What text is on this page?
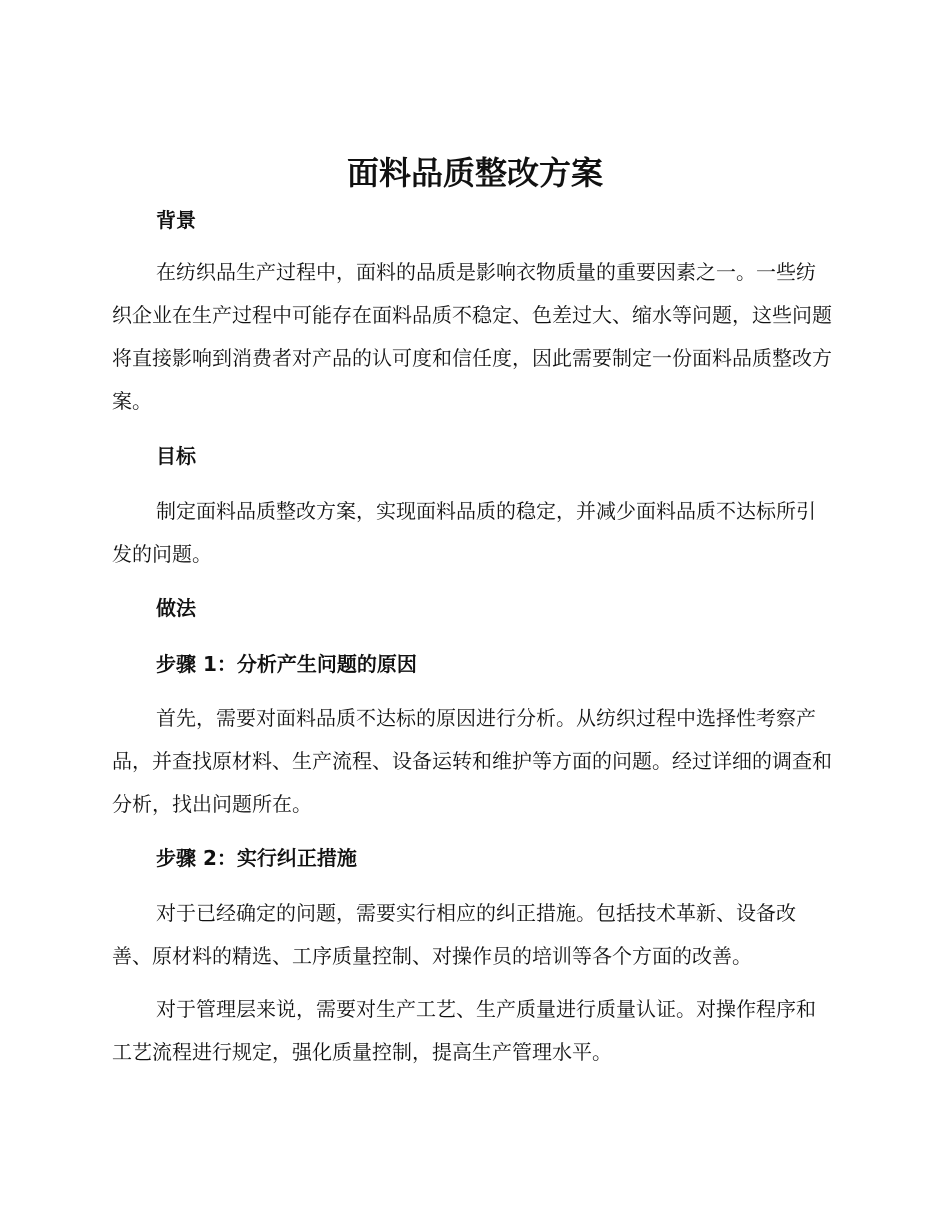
面料品质整改方案
背景

在纺织品生产过程中，面料的品质是影响衣物质量的重要因素之一。一些纺织企业在生产过程中可能存在面料品质不稳定、色差过大、缩水等问题，这些问题将直接影响到消费者对产品的认可度和信任度，因此需要制定一份面料品质整改方案。

目标

制定面料品质整改方案，实现面料品质的稳定，并减少面料品质不达标所引发的问题。

做法
步骤 1：分析产生问题的原因

首先，需要对面料品质不达标的原因进行分析。从纺织过程中选择性考察产品，并查找原材料、生产流程、设备运转和维护等方面的问题。经过详细的调查和分析，找出问题所在。

步骤 2：实行纠正措施

对于已经确定的问题，需要实行相应的纠正措施。包括技术革新、设备改善、原材料的精选、工序质量控制、对操作员的培训等各个方面的改善。

对于管理层来说，需要对生产工艺、生产质量进行质量认证。对操作程序和工艺流程进行规定，强化质量控制，提高生产管理水平。
